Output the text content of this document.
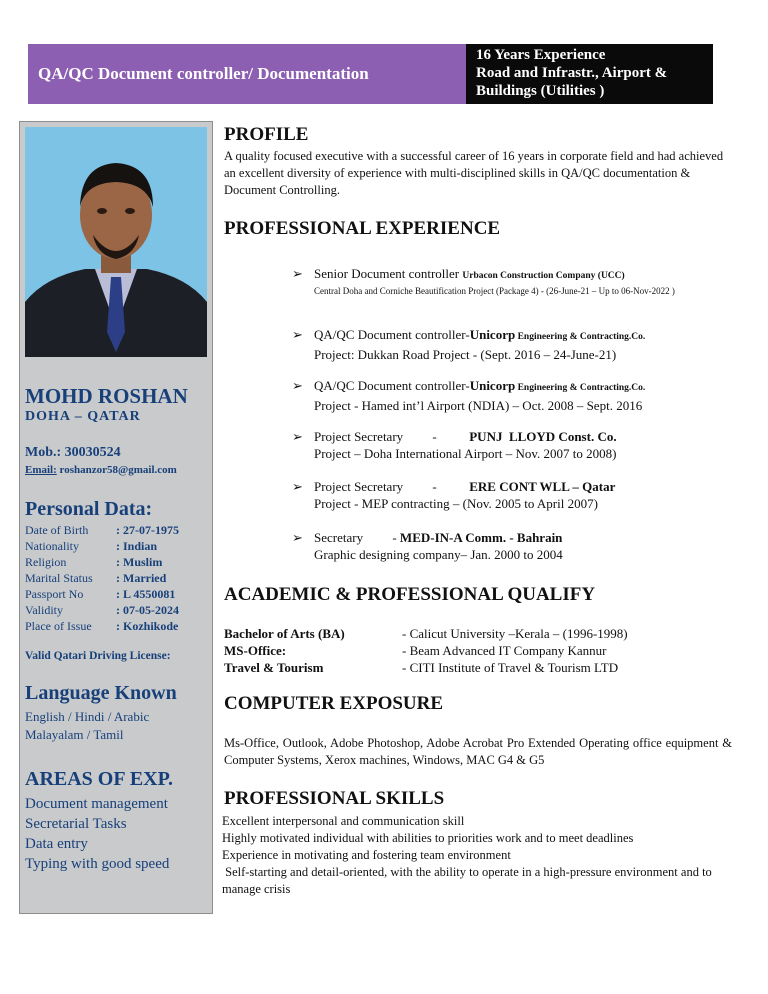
QA/QC Document controller/ Documentation
16 Years Experience
Road and Infrastr., Airport &
Buildings (Utilities )
MOHD ROSHAN
DOHA – QATAR
Mob.: 30030524
Email: roshanzor58@gmail.com
Personal Data:
Date of Birth	: 27-07-1975
Nationality	: Indian
Religion	: Muslim
Marital Status	: Married
Passport No	: L 4550081
Validity	: 07-05-2024
Place of Issue	: Kozhikode
Valid Qatari Driving License:
Language Known
English / Hindi / Arabic
Malayalam / Tamil
AREAS OF EXP.
Document management
Secretarial Tasks
Data entry
Typing with good speed
PROFILE
A quality focused executive with a successful career of 16 years in corporate field and had achieved an excellent diversity of experience with multi-disciplined skills in QA/QC documentation & Document Controlling.
PROFESSIONAL EXPERIENCE
➢ Senior Document controller Urbacon Construction Company (UCC)
Central Doha and Corniche Beautification Project (Package 4) - (26-June-21 – Up to 06-Nov-2022 )
➢ QA/QC Document controller-Unicorp Engineering & Contracting.Co.
Project: Dukkan Road Project - (Sept. 2016 – 24-June-21)
➢ QA/QC Document controller-Unicorp Engineering & Contracting.Co.
Project - Hamed int’l Airport (NDIA) – Oct. 2008 – Sept. 2016
➢ Project Secretary         -	PUNJ  LLOYD Const. Co.
Project – Doha International Airport – Nov. 2007 to 2008)
➢ Project Secretary         -	ERE CONT WLL – Qatar
Project - MEP contracting – (Nov. 2005 to April 2007)
➢ Secretary         - MED-IN-A Comm. - Bahrain
Graphic designing company– Jan. 2000 to 2004
ACADEMIC & PROFESSIONAL QUALIFY
Bachelor of Arts (BA)	- Calicut University –Kerala – (1996-1998)
MS-Office:	- Beam Advanced IT Company Kannur
Travel & Tourism	- CITI Institute of Travel & Tourism LTD
COMPUTER EXPOSURE
Ms-Office, Outlook, Adobe Photoshop, Adobe Acrobat Pro Extended Operating office equipment & Computer Systems, Xerox machines, Windows, MAC G4 & G5
PROFESSIONAL SKILLS
Excellent interpersonal and communication skill
Highly motivated individual with abilities to priorities work and to meet deadlines
Experience in motivating and fostering team environment
Self-starting and detail-oriented, with the ability to operate in a high-pressure environment and to manage crisis
